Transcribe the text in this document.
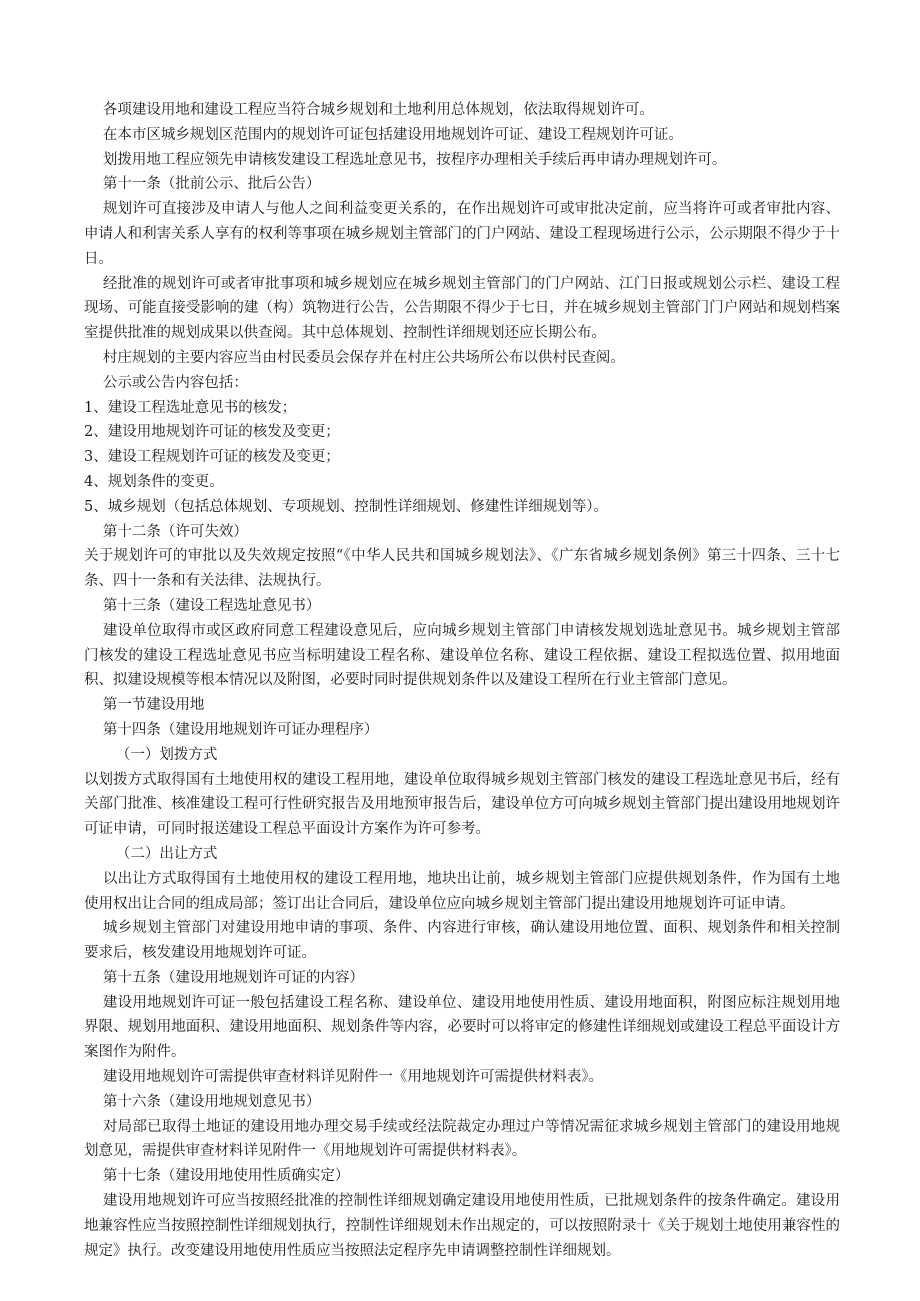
各项建设用地和建设工程应当符合城乡规划和土地利用总体规划，依法取得规划许可。

在本市区城乡规划区范围内的规划许可证包括建设用地规划许可证、建设工程规划许可证。

划拨用地工程应领先申请核发建设工程选址意见书，按程序办理相关手续后再申请办理规划许可。

第十一条（批前公示、批后公告）

规划许可直接涉及申请人与他人之间利益变更关系的，在作出规划许可或审批决定前，应当将许可或者审批内容、申请人和利害关系人享有的权利等事项在城乡规划主管部门的门户网站、建设工程现场进行公示，公示期限不得少于十日。

经批准的规划许可或者审批事项和城乡规划应在城乡规划主管部门的门户网站、江门日报或规划公示栏、建设工程现场、可能直接受影响的建（构）筑物进行公告，公告期限不得少于七日，并在城乡规划主管部门门户网站和规划档案室提供批准的规划成果以供查阅。其中总体规划、控制性详细规划还应长期公布。

村庄规划的主要内容应当由村民委员会保存并在村庄公共场所公布以供村民查阅。

公示或公告内容包括：

1、建设工程选址意见书的核发；

2、建设用地规划许可证的核发及变更；

3、建设工程规划许可证的核发及变更；

4、规划条件的变更。

5、城乡规划（包括总体规划、专项规划、控制性详细规划、修建性详细规划等）。

第十二条（许可失效）

关于规划许可的审批以及失效规定按照“《中华人民共和国城乡规划法》、《广东省城乡规划条例》第三十四条、三十七条、四十一条和有关法律、法规执行。

第十三条（建设工程选址意见书）

建设单位取得市或区政府同意工程建设意见后，应向城乡规划主管部门申请核发规划选址意见书。城乡规划主管部门核发的建设工程选址意见书应当标明建设工程名称、建设单位名称、建设工程依据、建设工程拟选位置、拟用地面积、拟建设规模等根本情况以及附图，必要时同时提供规划条件以及建设工程所在行业主管部门意见。

第一节建设用地

第十四条（建设用地规划许可证办理程序）

（一）划拨方式

以划拨方式取得国有土地使用权的建设工程用地，建设单位取得城乡规划主管部门核发的建设工程选址意见书后，经有关部门批准、核准建设工程可行性研究报告及用地预审报告后，建设单位方可向城乡规划主管部门提出建设用地规划许可证申请，可同时报送建设工程总平面设计方案作为许可参考。

（二）出让方式

以出让方式取得国有土地使用权的建设工程用地，地块出让前，城乡规划主管部门应提供规划条件，作为国有土地使用权出让合同的组成局部；签订出让合同后，建设单位应向城乡规划主管部门提出建设用地规划许可证申请。

城乡规划主管部门对建设用地申请的事项、条件、内容进行审核，确认建设用地位置、面积、规划条件和相关控制要求后，核发建设用地规划许可证。

第十五条（建设用地规划许可证的内容）

建设用地规划许可证一般包括建设工程名称、建设单位、建设用地使用性质、建设用地面积，附图应标注规划用地界限、规划用地面积、建设用地面积、规划条件等内容，必要时可以将审定的修建性详细规划或建设工程总平面设计方案图作为附件。

建设用地规划许可需提供审查材料详见附件一《用地规划许可需提供材料表》。

第十六条（建设用地规划意见书）

对局部已取得土地证的建设用地办理交易手续或经法院裁定办理过户等情况需征求城乡规划主管部门的建设用地规划意见，需提供审查材料详见附件一《用地规划许可需提供材料表》。

第十七条（建设用地使用性质确实定）

建设用地规划许可应当按照经批准的控制性详细规划确定建设用地使用性质，已批规划条件的按条件确定。建设用地兼容性应当按照控制性详细规划执行，控制性详细规划未作出规定的，可以按照附录十《关于规划土地使用兼容性的规定》执行。改变建设用地使用性质应当按照法定程序先申请调整控制性详细规划。
